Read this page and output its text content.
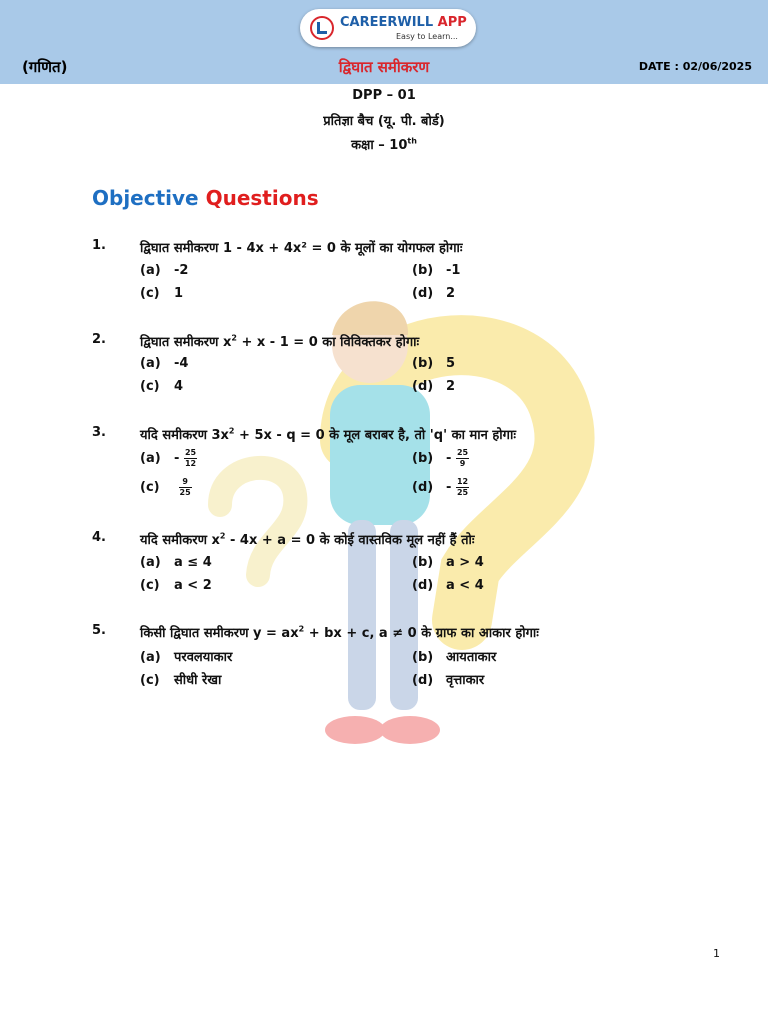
CAREERWILL APP
Easy to Learn...
(गणित)	द्विघात समीकरण	DATE : 02/06/2025
DPP – 01
प्रतिज्ञा बैच (यू. पी. बोर्ड)
कक्षा – 10th
Objective Questions
1.	द्विघात समीकरण 1 - 4x + 4x² = 0 के मूलों का योगफल होगाः
(a) -2	(b) -1
(c) 1	(d) 2
2.	द्विघात समीकरण $x^2 + x - 1 = 0$ का विविक्तकर होगाः
(a) -4	(b) 5
(c) 4	(d) 2
3.	यदि समीकरण $3x^2 + 5x - q = 0$ के मूल बराबर है, तो 'q' का मान होगाः
$(a) - \frac{25}{12}$	$(b) - \frac{25}{9}$
$(c) \frac{9}{25}$	$(d) - \frac{12}{25}$
4.	यदि समीकरण $x^2 - 4x + a = 0$ के कोई वास्तविक मूल नहीं हैं तोः
(a) a ≤ 4	(b) a > 4
(c) a < 2	(d) a < 4
5.	किसी द्विघात समीकरण $y = ax^2$ + bx + c, a ≠ 0 के ग्राफ का आकार होगाः
(a) परवलयाकार	(b) आयताकार
(c) सीधी रेखा	(d) वृत्ताकार
1
